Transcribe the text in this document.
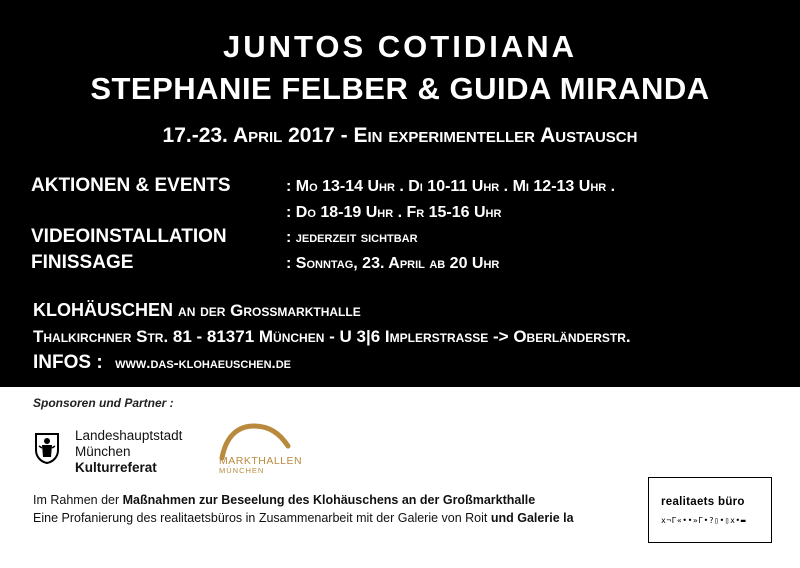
JUNTOS COTIDIANA
STEPHANIE FELBER & GUIDA MIRANDA
17.-23. April 2017 - Ein experimenteller Austausch
AKTIONEN & EVENTS	: Mo 13-14 Uhr . Di 10-11 Uhr . Mi 12-13 Uhr .
: Do 18-19 Uhr . Fr 15-16 Uhr
VIDEOINSTALLATION	: jederzeit sichtbar
FINISSAGE	: Sonntag, 23. April ab 20 Uhr
KLOHÄUSCHEN an der Großmarkthalle
Thalkirchner Str. 81 - 81371 München - U 3|6 Implerstrasse -> Oberländerstr.
INFOS : www.das-klohaeuschen.de
Sponsoren und Partner :
Landeshauptstadt
München
Kulturreferat	MARKTHALLEN
MÜNCHEN
Im Rahmen der Maßnahmen zur Beseelung des Klohäuschens an der Großmarkthalle
Eine Profanierung des realitaetsbüros in Zusammenarbeit mit der Galerie von Roit und Galerie la
realitaets büro
x¬Γ«••»Γ•?▯•▯x•▬
